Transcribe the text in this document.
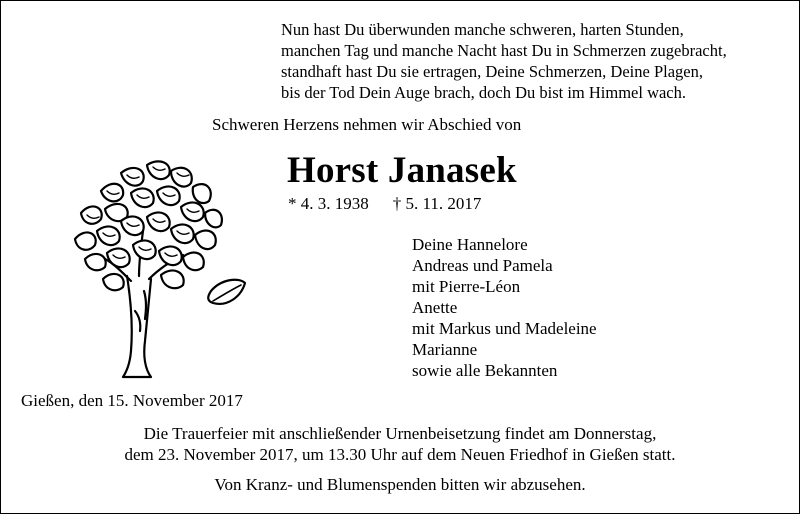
Nun hast Du überwunden manche schweren, harten Stunden,
manchen Tag und manche Nacht hast Du in Schmerzen zugebracht,
standhaft hast Du sie ertragen, Deine Schmerzen, Deine Plagen,
bis der Tod Dein Auge brach, doch Du bist im Himmel wach.
Schweren Herzens nehmen wir Abschied von
Horst Janasek
* 4. 3. 1938 † 5. 11. 2017
Deine Hannelore
Andreas und Pamela
mit Pierre-Léon
Anette
mit Markus und Madeleine
Marianne
sowie alle Bekannten
Gießen, den 15. November 2017
Die Trauerfeier mit anschließender Urnenbeisetzung findet am Donnerstag,
dem 23. November 2017, um 13.30 Uhr auf dem Neuen Friedhof in Gießen statt.
Von Kranz- und Blumenspenden bitten wir abzusehen.
